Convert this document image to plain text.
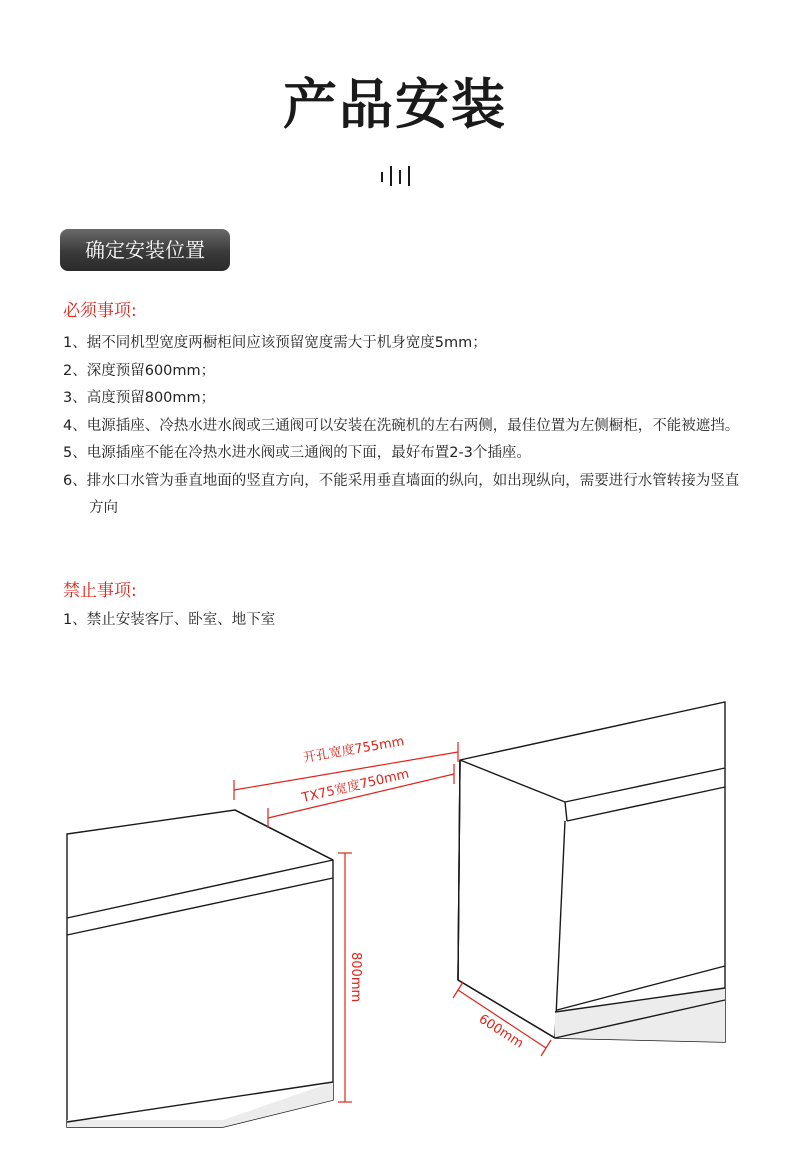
产品安装
确定安装位置
必须事项:
1、据不同机型宽度两橱柜间应该预留宽度需大于机身宽度5mm；
2、深度预留600mm；
3、高度预留800mm；
4、电源插座、冷热水进水阀或三通阀可以安装在洗碗机的左右两侧，最佳位置为左侧橱柜，不能被遮挡。
5、电源插座不能在冷热水进水阀或三通阀的下面，最好布置2-3个插座。
6、排水口水管为垂直地面的竖直方向，不能采用垂直墙面的纵向，如出现纵向，需要进行水管转接为竖直方向
禁止事项:
1、禁止安装客厅、卧室、地下室
开孔宽度755mm
TX75宽度750mm
800mm
600mm
